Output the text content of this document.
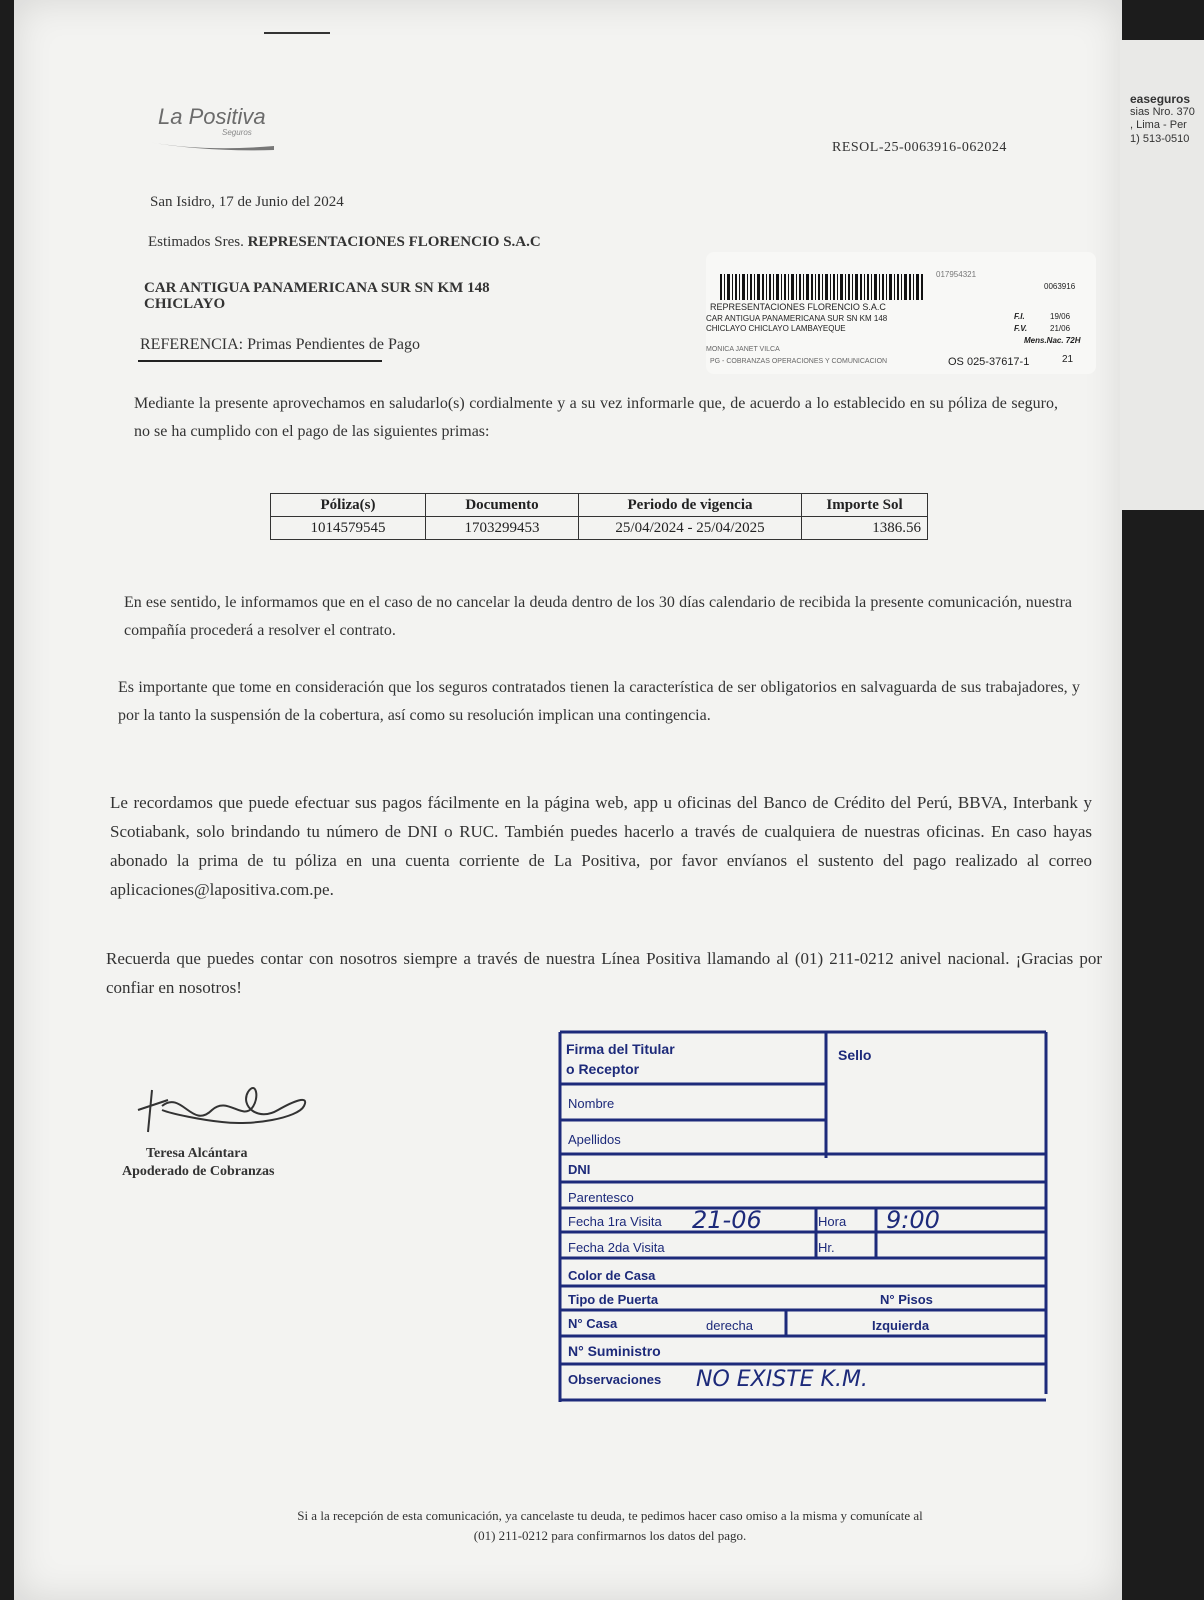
easeguros
sias Nro. 370
, Lima - Per
1) 513-0510
La Positiva
Seguros
RESOL-25-0063916-062024
San Isidro, 17 de Junio del 2024
Estimados Sres. REPRESENTACIONES FLORENCIO S.A.C
CAR ANTIGUA PANAMERICANA SUR SN KM 148
CHICLAYO
REFERENCIA: Primas Pendientes de Pago
017954321
0063916
REPRESENTACIONES FLORENCIO S.A.C
CAR ANTIGUA PANAMERICANA SUR SN KM 148
CHICLAYO CHICLAYO LAMBAYEQUE
MONICA JANET VILCA
PG - COBRANZAS OPERACIONES Y COMUNICACION
F.I.	19/06
F.V.	21/06
Mens.Nac. 72H
OS 025-37617-1	21
Mediante la presente aprovechamos en saludarlo(s) cordialmente y a su vez informarle que, de acuerdo a lo establecido en su póliza de seguro, no se ha cumplido con el pago de las siguientes primas:
Póliza(s)	Documento	Periodo de vigencia	Importe Sol
1014579545	1703299453	25/04/2024 - 25/04/2025	1386.56
En ese sentido, le informamos que en el caso de no cancelar la deuda dentro de los 30 días calendario de recibida la presente comunicación, nuestra compañía procederá a resolver el contrato.
Es importante que tome en consideración que los seguros contratados tienen la característica de ser obligatorios en salvaguarda de sus trabajadores, y por la tanto la suspensión de la cobertura, así como su resolución implican una contingencia.
Le recordamos que puede efectuar sus pagos fácilmente en la página web, app u oficinas del Banco de Crédito del Perú, BBVA, Interbank y Scotiabank, solo brindando tu número de DNI o RUC. También puedes hacerlo a través de cualquiera de nuestras oficinas. En caso hayas abonado la prima de tu póliza en una cuenta corriente de La Positiva, por favor envíanos el sustento del pago realizado al correo aplicaciones@lapositiva.com.pe.
Recuerda que puedes contar con nosotros siempre a través de nuestra Línea Positiva llamando al (01) 211-0212 anivel nacional. ¡Gracias por confiar en nosotros!
Teresa Alcántara
Apoderado de Cobranzas
Firma del Titular
o Receptor
Sello
Nombre
Apellidos
DNI
Parentesco
Fecha 1ra Visita 21-06	Hora 9:00
Fecha 2da Visita	Hr.
Color de Casa
Tipo de Puerta	N° Pisos
N° Casa	derecha	Izquierda
N° Suministro
Observaciones NO EXISTE K.M.
Si a la recepción de esta comunicación, ya cancelaste tu deuda, te pedimos hacer caso omiso a la misma y comunícate al
(01) 211-0212 para confirmarnos los datos del pago.
